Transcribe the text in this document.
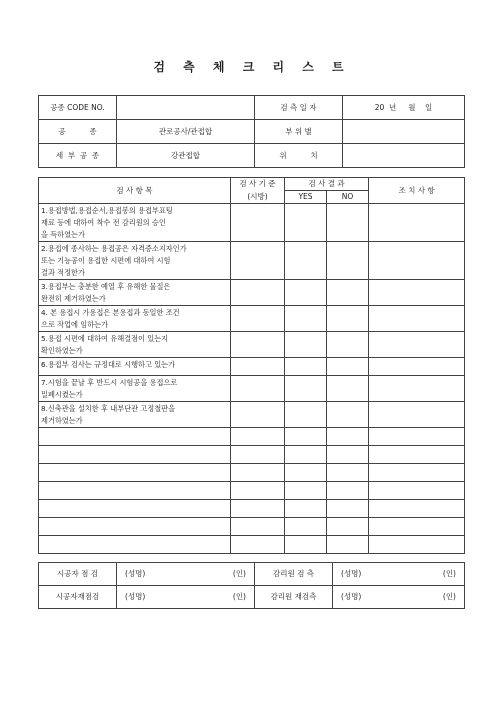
검 측 체 크 리 스 트
공종 CODE NO.		검 측 일 자	20  년     월    일
공          종	관로공사/관접합	부 위 별	
세  부  공  종	강관접합	위          치	
검 사 항 목	검 사 기 준	검 사 결 과		조 치 사 항
	(시방)	YES	NO	
1.용접방법,용접순서,용접봉의 용접부표팅
재료 등에 대하여 착수 전 감리원의 승인
을 득하였는가				
2.용접에 종사하는 용접공은 자격증소지자인가
또는 기능공이 용접한 시편에 대하여 시험
결과 적정한가				
3.용접부는 충분한 예열 후 유해한 물질은
완전히 제거하였는가				
4. 본 용접시 가용접은 본용접과 동일한 조건
으로 작업에 임하는가				
5.용접 시편에 대하여 유해결점이 있는지
확인하였는가				
6.용접부 검사는 규정대로 시행하고 있는가				
7.시험을 끝날 후 반드시 시험공을 용접으로
밀폐시켰는가				
8.신축관을 설치한 후 내부단관 고정철판을
제거하였는가				

시공자 점 검	(성명) (인)	감리원 검 측	(성명) (인)

시공자재점검	(성명) (인)	감리원 재검측	(성명) (인)
